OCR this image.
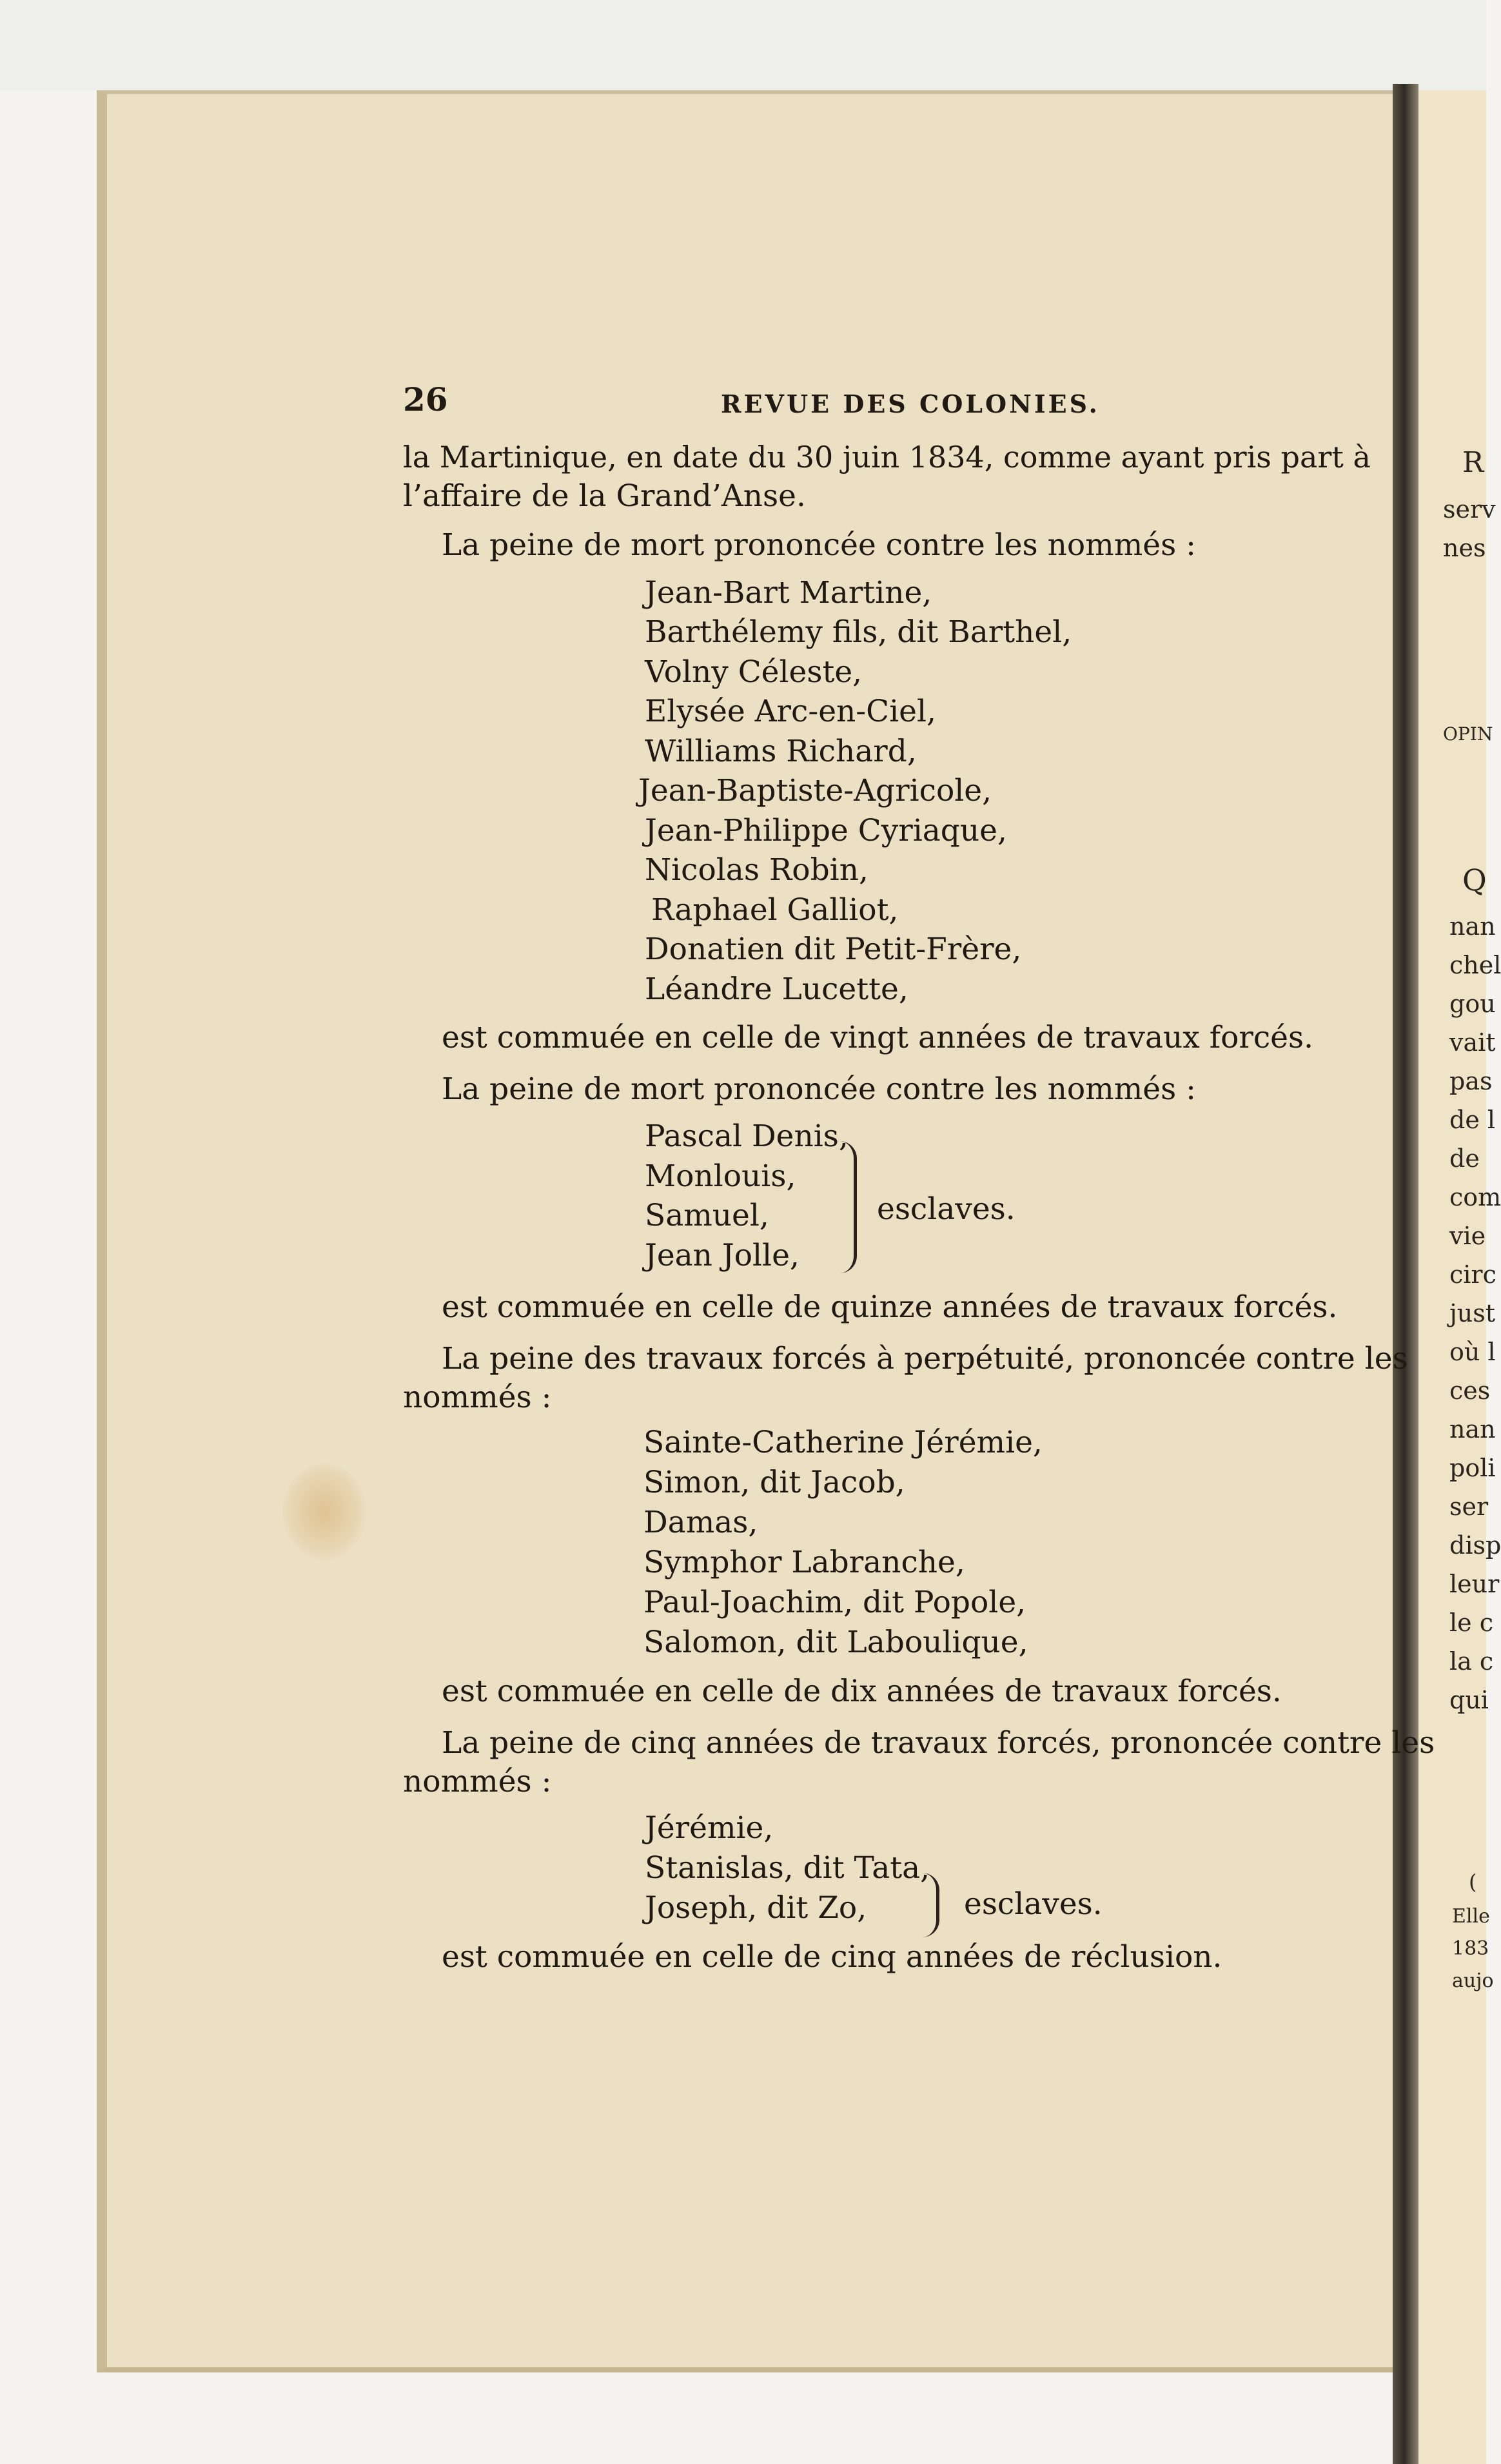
R
serv
nes
OPIN
Q
nan
chel
gou
vait
pas
de l
de
com
vie
circ
just
où l
ces
nan
poli
ser
disp
leur
le c
la c
qui
(
Elle
183
aujo
26	REVUE DES COLONIES.
la Martinique, en date du 30 juin 1834, comme ayant pris part à
l’affaire de la Grand’Anse.
La peine de mort prononcée contre les nommés :
Jean-Bart Martine,
Barthélemy fils, dit Barthel,
Volny Céleste,
Elysée Arc-en-Ciel,
Williams Richard,
Jean-Baptiste-Agricole,
Jean-Philippe Cyriaque,
Nicolas Robin,
Raphael Galliot,
Donatien dit Petit-Frère,
Léandre Lucette,
est commuée en celle de vingt années de travaux forcés.
La peine de mort prononcée contre les nommés :
Pascal Denis,
Monlouis,
Samuel,
Jean Jolle,
est commuée en celle de quinze années de travaux forcés.
La peine des travaux forcés à perpétuité, prononcée contre les
nommés :
Sainte-Catherine Jérémie,
Simon, dit Jacob,
Damas,
Symphor Labranche,
Paul-Joachim, dit Popole,
Salomon, dit Laboulique,
est commuée en celle de dix années de travaux forcés.
La peine de cinq années de travaux forcés, prononcée contre les
nommés :
Jérémie,
Stanislas, dit Tata,
Joseph, dit Zo,
est commuée en celle de cinq années de réclusion.
esclaves.
esclaves.
